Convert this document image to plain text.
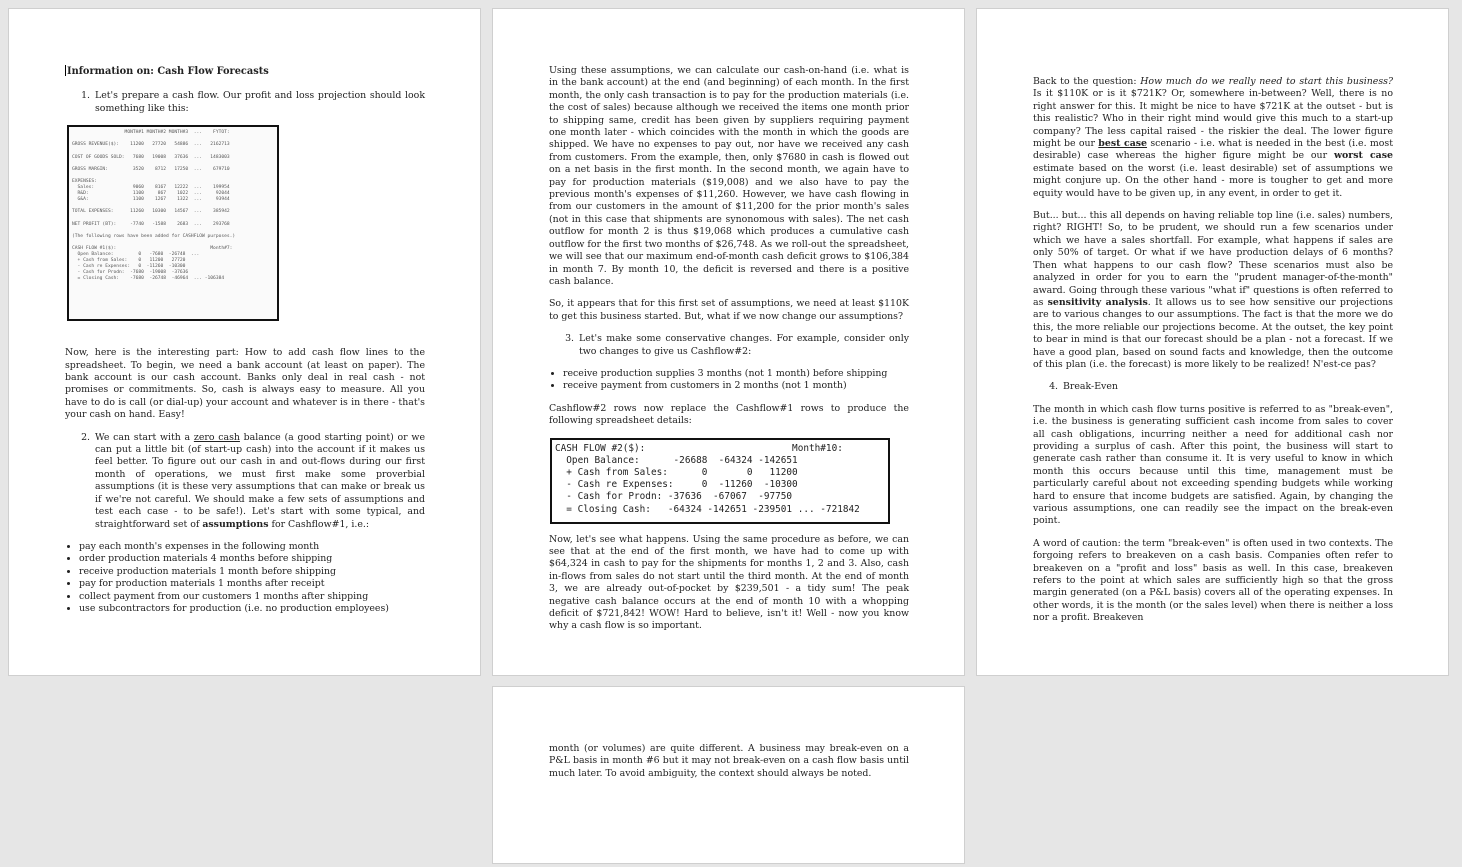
Information on: Cash Flow Forecasts
1. Let's prepare a cash flow. Our profit and loss projection should look something like this:
MONTH#1 MONTH#2 MONTH#3  ...    FYTOT:

GROSS REVENUE($):    11200   27720   54886  ...   2162713

COST OF GOODS SOLD:   7680   19008   37636  ...   1483003

GROSS MARGIN:         3520    8712   17250  ...    679710

EXPENSES:
Sales:              9060    8167   12222  ...    199954
R&D:                1100     867    1022  ...     92044
G&A:                1100    1267    1322  ...     93944

TOTAL EXPENSES:      11260   10300   14567  ...    385942

NET PROFIT (BT):     -7740   -1588    2683  ...    293768

(The following rows have been added for CASHFLOW purposes.)

CASH FLOW #1($):                                  Month#7:
Open Balance:         0   -7680  -26748  ...
+ Cash from Sales:    0   11200   27720
- Cash re Expenses:   0  -11260  -10300
- Cash for Prodn:  -7680  -19008  -37636
= Closing Cash:    -7680  -26748  -46964  ... -106384

Now, here is the interesting part: How to add cash flow lines to the spreadsheet. To begin, we need a bank account (at least on paper). The bank account is our cash account. Banks only deal in real cash - not promises or commitments. So, cash is always easy to measure. All you have to do is call (or dial-up) your account and whatever is in there - that's your cash on hand. Easy!

2. We can start with a zero cash balance (a good starting point) or we can put a little bit (of start-up cash) into the account if it makes us feel better. To figure out our cash in and out-flows during our first month of operations, we must first make some proverbial assumptions (it is these very assumptions that can make or break us if we're not careful. We should make a few sets of assumptions and test each case - to be safe!). Let's start with some typical, and straightforward set of assumptions for Cashflow#1, i.e.:
• pay each month's expenses in the following month
• order production materials 4 months before shipping
• receive production materials 1 month before shipping
• pay for production materials 1 months after receipt
• collect payment from our customers 1 months after shipping
• use subcontractors for production (i.e. no production employees)

Using these assumptions, we can calculate our cash-on-hand (i.e. what is in the bank account) at the end (and beginning) of each month. In the first month, the only cash transaction is to pay for the production materials (i.e. the cost of sales) because although we received the items one month prior to shipping same, credit has been given by suppliers requiring payment one month later - which coincides with the month in which the goods are shipped. We have no expenses to pay out, nor have we received any cash from customers. From the example, then, only $7680 in cash is flowed out on a net basis in the first month. In the second month, we again have to pay for production materials ($19,008) and we also have to pay the previous month's expenses of $11,260. However, we have cash flowing in from our customers in the amount of $11,200 for the prior month's sales (not in this case that shipments are synonomous with sales). The net cash outflow for month 2 is thus $19,068 which produces a cumulative cash outflow for the first two months of $26,748. As we roll-out the spreadsheet, we will see that our maximum end-of-month cash deficit grows to $106,384 in month 7. By month 10, the deficit is reversed and there is a positive cash balance.

So, it appears that for this first set of assumptions, we need at least $110K to get this business started. But, what if we now change our assumptions?

3. Let's make some conservative changes. For example, consider only two changes to give us Cashflow#2:
• receive production supplies 3 months (not 1 month) before shipping
• receive payment from customers in 2 months (not 1 month)

Cashflow#2 rows now replace the Cashflow#1 rows to produce the following spreadsheet details:

CASH FLOW #2($):                          Month#10:
Open Balance:      -26688  -64324 -142651
+ Cash from Sales:      0       0   11200
- Cash re Expenses:     0  -11260  -10300
- Cash for Prodn: -37636  -67067  -97750
= Closing Cash:   -64324 -142651 -239501 ... -721842

Now, let's see what happens. Using the same procedure as before, we can see that at the end of the first month, we have had to come up with $64,324 in cash to pay for the shipments for months 1, 2 and 3. Also, cash in-flows from sales do not start until the third month. At the end of month 3, we are already out-of-pocket by $239,501 - a tidy sum! The peak negative cash balance occurs at the end of month 10 with a whopping deficit of $721,842! WOW! Hard to believe, isn't it! Well - now you know why a cash flow is so important.

Back to the question: How much do we really need to start this business? Is it $110K or is it $721K? Or, somewhere in-between? Well, there is no right answer for this. It might be nice to have $721K at the outset - but is this realistic? Who in their right mind would give this much to a start-up company? The less capital raised - the riskier the deal. The lower figure might be our best case scenario - i.e. what is needed in the best (i.e. most desirable) case whereas the higher figure might be our worst case estimate based on the worst (i.e. least desirable) set of assumptions we might conjure up. On the other hand - more is tougher to get and more equity would have to be given up, in any event, in order to get it.

But... but... this all depends on having reliable top line (i.e. sales) numbers, right? RIGHT! So, to be prudent, we should run a few scenarios under which we have a sales shortfall. For example, what happens if sales are only 50% of target. Or what if we have production delays of 6 months? Then what happens to our cash flow? These scenarios must also be analyzed in order for you to earn the "prudent manager-of-the-month" award. Going through these various "what if" questions is often referred to as sensitivity analysis. It allows us to see how sensitive our projections are to various changes to our assumptions. The fact is that the more we do this, the more reliable our projections become. At the outset, the key point to bear in mind is that our forecast should be a plan - not a forecast. If we have a good plan, based on sound facts and knowledge, then the outcome of this plan (i.e. the forecast) is more likely to be realized! N'est-ce pas?

4. Break-Even

The month in which cash flow turns positive is referred to as "break-even", i.e. the business is generating sufficient cash income from sales to cover all cash obligations, incurring neither a need for additional cash nor providing a surplus of cash. After this point, the business will start to generate cash rather than consume it. It is very useful to know in which month this occurs because until this time, management must be particularly careful about not exceeding spending budgets while working hard to ensure that income budgets are satisfied. Again, by changing the various assumptions, one can readily see the impact on the break-even point.

A word of caution: the term "break-even" is often used in two contexts. The forgoing refers to breakeven on a cash basis. Companies often refer to breakeven on a "profit and loss" basis as well. In this case, breakeven refers to the point at which sales are sufficiently high so that the gross margin generated (on a P&L basis) covers all of the operating expenses. In other words, it is the month (or the sales level) when there is neither a loss nor a profit. Breakeven

month (or volumes) are quite different. A business may break-even on a P&L basis in month #6 but it may not break-even on a cash flow basis until much later. To avoid ambiguity, the context should always be noted.
